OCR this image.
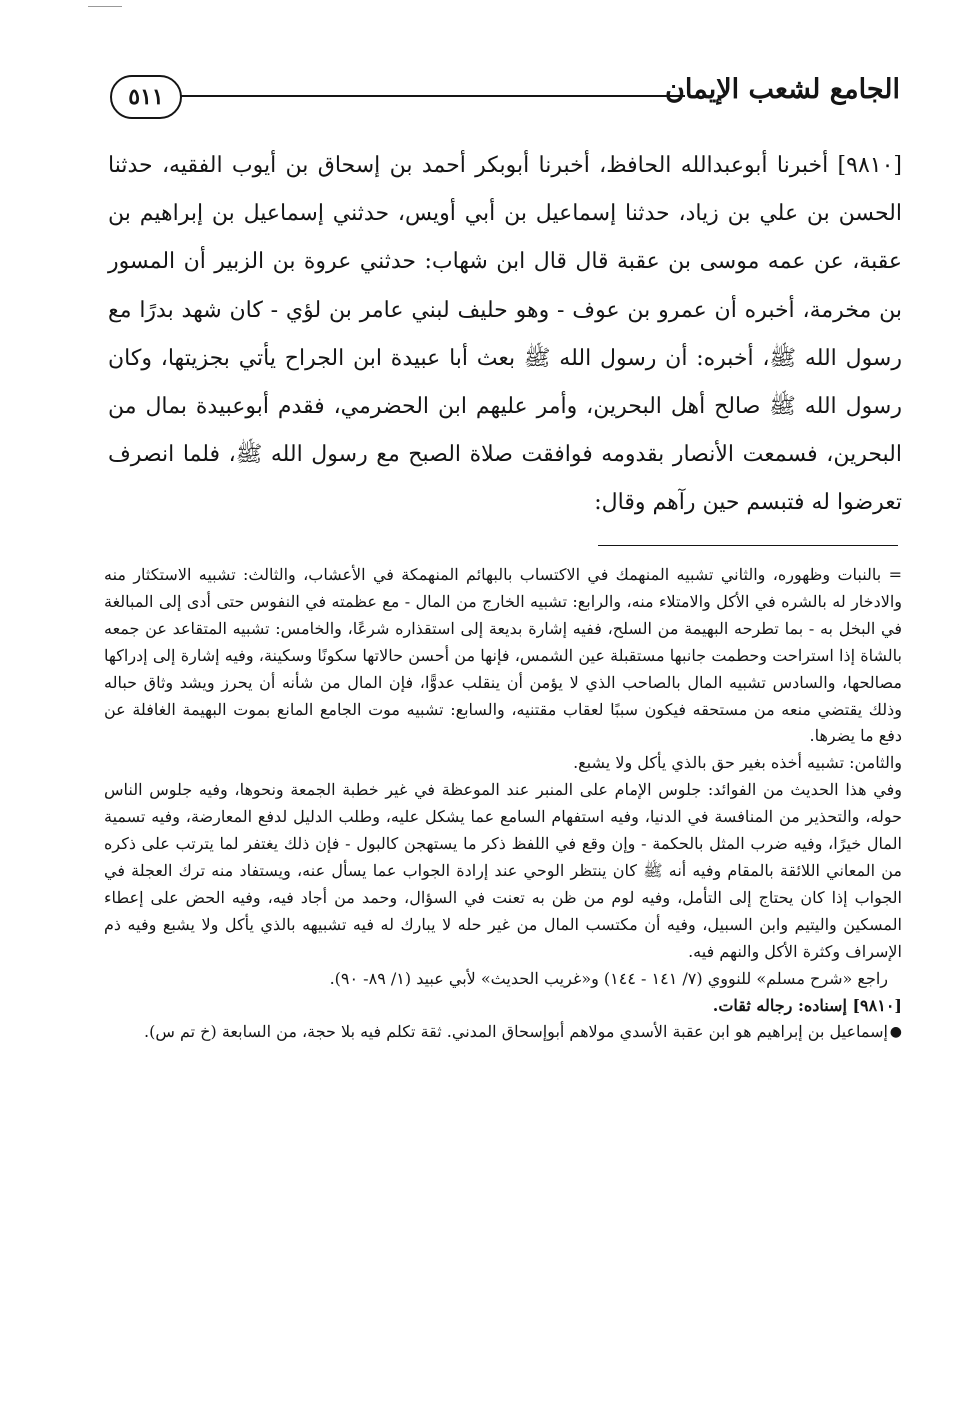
الجامع لشعب الإيمان
٥١١

[٩٨١٠] أخبرنا أبوعبدالله الحافظ، أخبرنا أبوبكر أحمد بن إسحاق بن أيوب الفقيه، حدثنا الحسن بن علي بن زياد، حدثنا إسماعيل بن أبي أويس، حدثني إسماعيل بن إبراهيم بن عقبة، عن عمه موسى بن عقبة قال قال ابن شهاب: حدثني عروة بن الزبير أن المسور بن مخرمة، أخبره أن عمرو بن عوف - وهو حليف لبني عامر بن لؤي - كان شهد بدرًا مع رسول الله ﷺ، أخبره: أن رسول الله ﷺ بعث أبا عبيدة ابن الجراح يأتي بجزيتها، وكان رسول الله ﷺ صالح أهل البحرين، وأمر عليهم ابن الحضرمي، فقدم أبوعبيدة بمال من البحرين، فسمعت الأنصار بقدومه فوافقت صلاة الصبح مع رسول الله ﷺ، فلما انصرف تعرضوا له فتبسم حين رآهم وقال:

= بالنبات وظهوره، والثاني تشبيه المنهمك في الاكتساب بالبهائم المنهمكة في الأعشاب، والثالث: تشبيه الاستكثار منه والادخار له بالشره في الأكل والامتلاء منه، والرابع: تشبيه الخارج من المال - مع عظمته في النفوس حتى أدى إلى المبالغة في البخل به - بما تطرحه البهيمة من السلح، ففيه إشارة بديعة إلى استقذاره شرعًا، والخامس: تشبيه المتقاعد عن جمعه بالشاة إذا استراحت وحطمت جانبها مستقبلة عين الشمس، فإنها من أحسن حالاتها سكونًا وسكينة، وفيه إشارة إلى إدراكها مصالحها، والسادس تشبيه المال بالصاحب الذي لا يؤمن أن ينقلب عدوًّا، فإن المال من شأنه أن يحرز ويشد وثاق حباله وذلك يقتضي منعه من مستحقه فيكون سببًا لعقاب مقتنيه، والسابع: تشبيه موت الجامع المانع بموت البهيمة الغافلة عن دفع ما يضرها.

والثامن: تشبيه أخذه بغير حق بالذي يأكل ولا يشبع.

وفي هذا الحديث من الفوائد: جلوس الإمام على المنبر عند الموعظة في غير خطبة الجمعة ونحوها، وفيه جلوس الناس حوله، والتحذير من المنافسة في الدنيا، وفيه استفهام السامع عما يشكل عليه، وطلب الدليل لدفع المعارضة، وفيه تسمية المال خيرًا، وفيه ضرب المثل بالحكمة - وإن وقع في اللفظ ذكر ما يستهجن كالبول - فإن ذلك يغتفر لما يترتب على ذكره من المعاني اللائقة بالمقام وفيه أنه ﷺ كان ينتظر الوحي عند إرادة الجواب عما يسأل عنه، ويستفاد منه ترك العجلة في الجواب إذا كان يحتاج إلى التأمل، وفيه لوم من ظن به تعنت في السؤال، وحمد من أجاد فيه، وفيه الحض على إعطاء المسكين واليتيم وابن السبيل، وفيه أن مكتسب المال من غير حله لا يبارك له فيه تشبيهه بالذي يأكل ولا يشبع وفيه ذم الإسراف وكثرة الأكل والنهم فيه.

راجع «شرح مسلم» للنووي (٧/ ١٤١ - ١٤٤) و«غريب الحديث» لأبي عبيد (١/ ٨٩- ٩٠).

[٩٨١٠] إسناده: رجاله ثقات.

●
إسماعيل بن إبراهيم هو ابن عقبة الأسدي مولاهم أبوإسحاق المدني. ثقة تكلم فيه بلا حجة، من السابعة (خ تم س).
